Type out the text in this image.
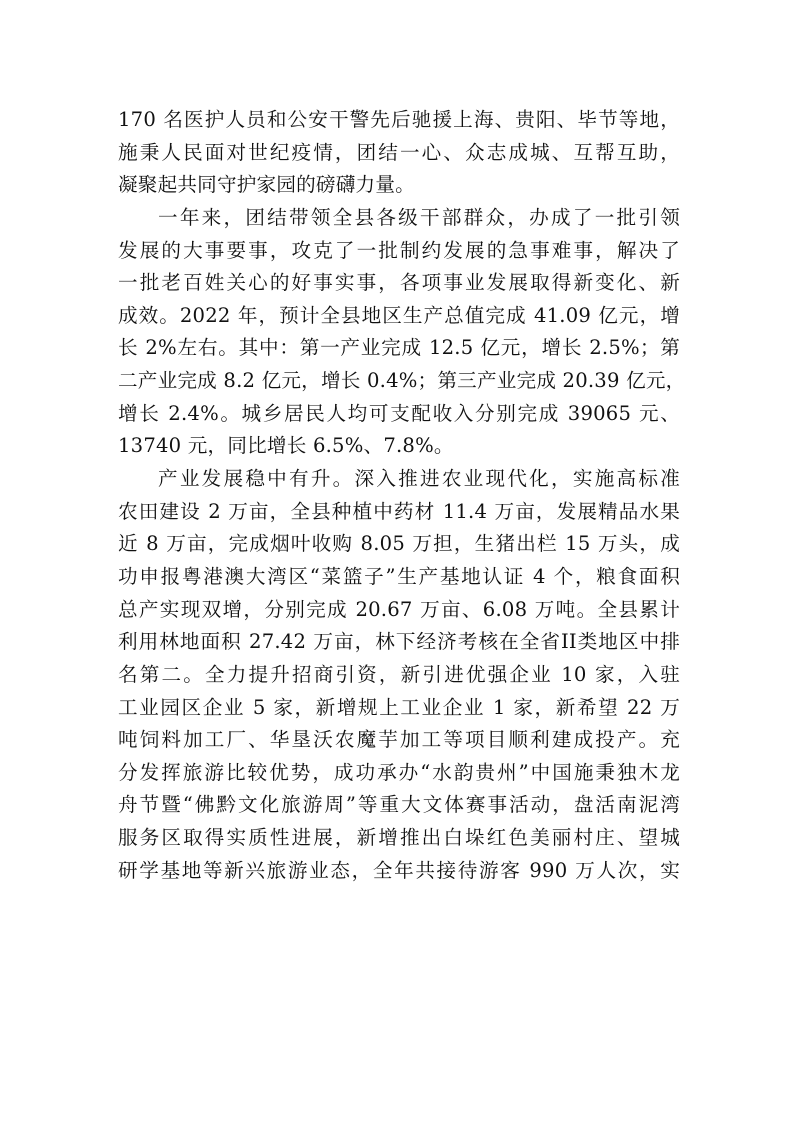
170 名医护人员和公安干警先后驰援上海、贵阳、毕节等地，
施秉人民面对世纪疫情，团结一心、众志成城、互帮互助，
凝聚起共同守护家园的磅礴力量。
一年来，团结带领全县各级干部群众，办成了一批引领
发展的大事要事，攻克了一批制约发展的急事难事，解决了
一批老百姓关心的好事实事，各项事业发展取得新变化、新
成效。2022 年，预计全县地区生产总值完成 41.09 亿元，增
长 2%左右。其中：第一产业完成 12.5 亿元，增长 2.5%；第
二产业完成 8.2 亿元，增长 0.4%；第三产业完成 20.39 亿元，
增长 2.4%。城乡居民人均可支配收入分别完成 39065 元、
13740 元，同比增长 6.5%、7.8%。
产业发展稳中有升。深入推进农业现代化，实施高标准
农田建设 2 万亩，全县种植中药材 11.4 万亩，发展精品水果
近 8 万亩，完成烟叶收购 8.05 万担，生猪出栏 15 万头，成
功申报粤港澳大湾区“菜篮子”生产基地认证 4 个，粮食面积
总产实现双增，分别完成 20.67 万亩、6.08 万吨。全县累计
利用林地面积 27.42 万亩，林下经济考核在全省II类地区中排
名第二。全力提升招商引资，新引进优强企业 10 家，入驻
工业园区企业 5 家，新增规上工业企业 1 家，新希望 22 万
吨饲料加工厂、华垦沃农魔芋加工等项目顺利建成投产。充
分发挥旅游比较优势，成功承办“水韵贵州”中国施秉独木龙
舟节暨“佛黔文化旅游周”等重大文体赛事活动，盘活南泥湾
服务区取得实质性进展，新增推出白垛红色美丽村庄、望城
研学基地等新兴旅游业态，全年共接待游客 990 万人次，实
